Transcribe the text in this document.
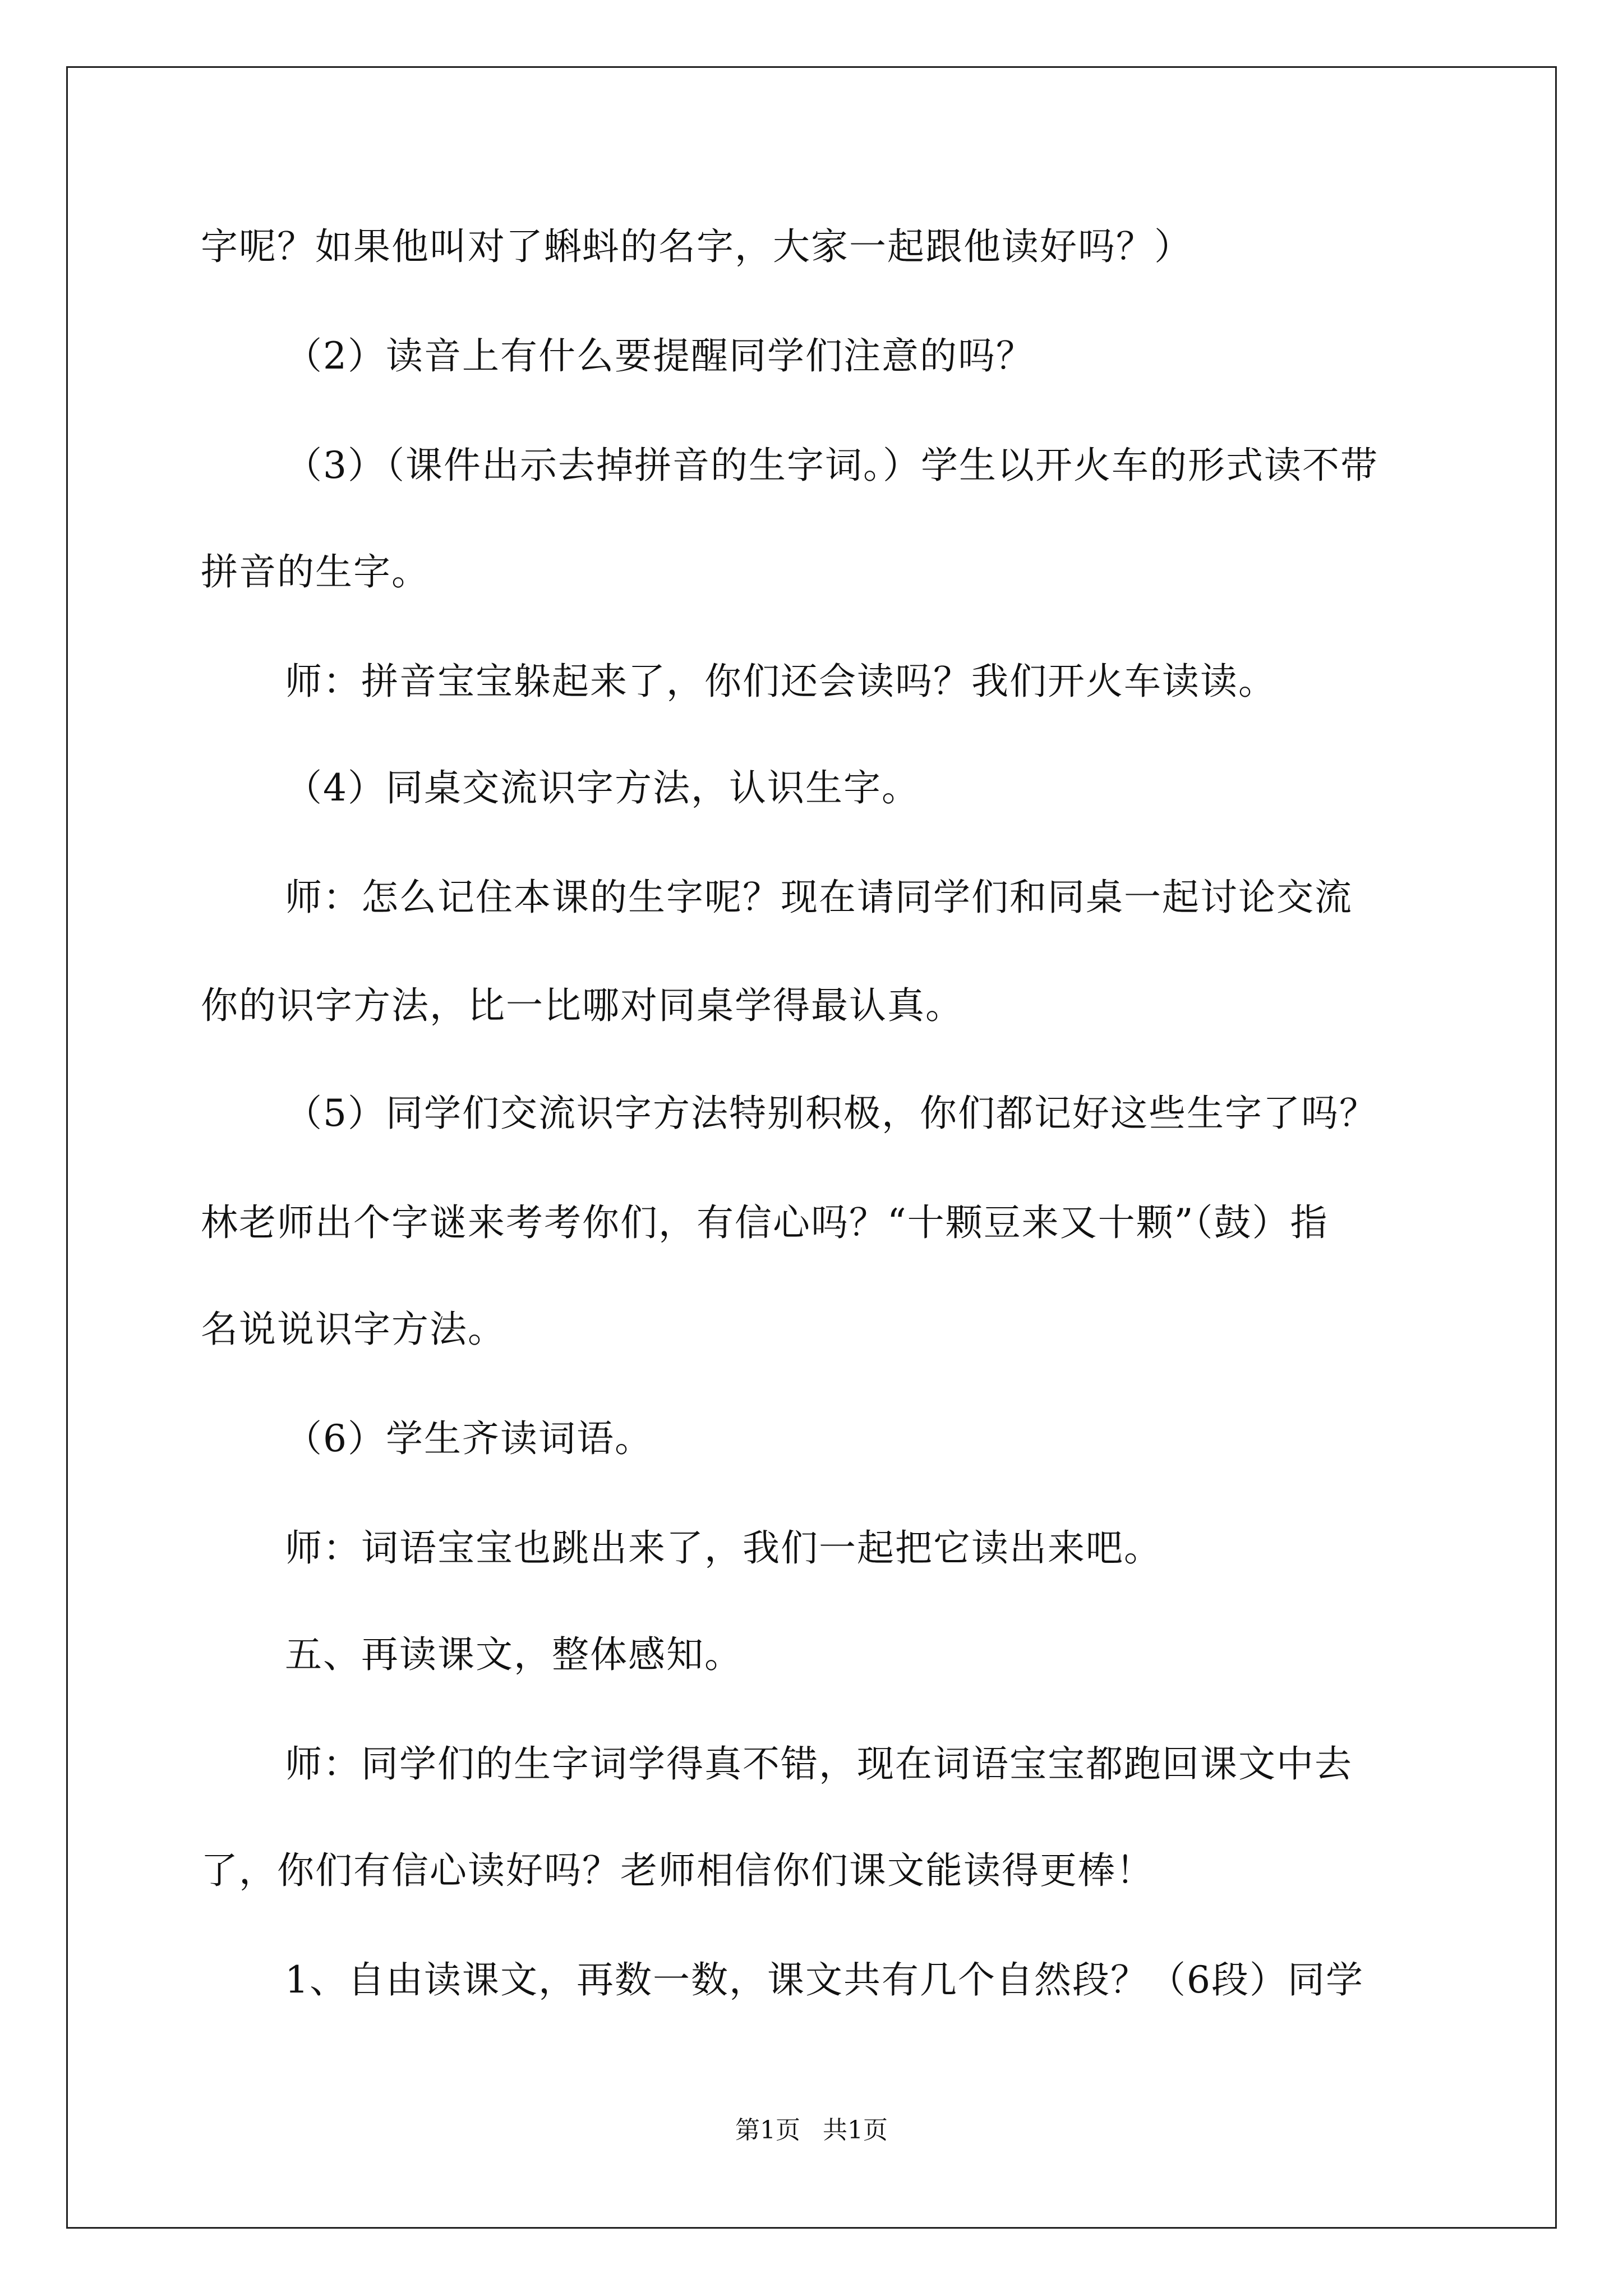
字呢？如果他叫对了蝌蚪的名字，大家一起跟他读好吗？）

（2）读音上有什么要提醒同学们注意的吗？

（3）（课件出示去掉拼音的生字词。）学生以开火车的形式读不带

拼音的生字。

师：拼音宝宝躲起来了，你们还会读吗？我们开火车读读。

（4）同桌交流识字方法，认识生字。

师：怎么记住本课的生字呢？现在请同学们和同桌一起讨论交流

你的识字方法，比一比哪对同桌学得最认真。

（5）同学们交流识字方法特别积极，你们都记好这些生字了吗？

林老师出个字谜来考考你们，有信心吗？“十颗豆来又十颗”（鼓）指

名说说识字方法。

（6）学生齐读词语。

师：词语宝宝也跳出来了，我们一起把它读出来吧。

五、再读课文，整体感知。

师：同学们的生字词学得真不错，现在词语宝宝都跑回课文中去

了，你们有信心读好吗？老师相信你们课文能读得更棒！

1、自由读课文，再数一数，课文共有几个自然段？（6段）同学

第1页 共1页
